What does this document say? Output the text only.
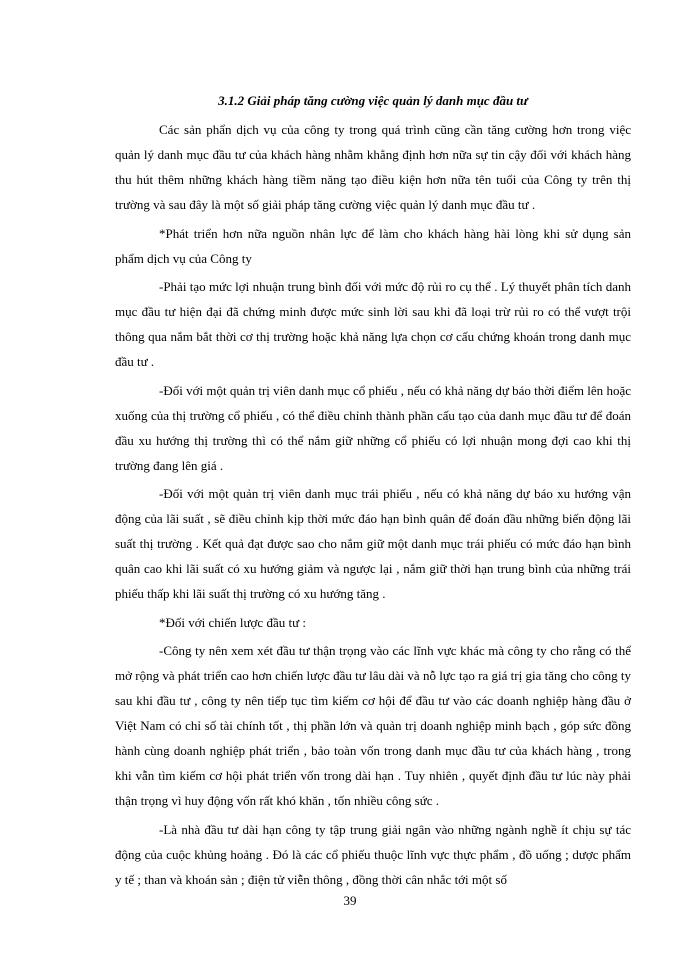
3.1.2 Giải pháp tăng cường việc quản lý danh mục đầu tư

Các sản phẩn dịch vụ của công ty trong quá trình cũng cần tăng cường hơn trong việc quản lý danh mục đầu tư của khách hàng nhằm khẳng định hơn nữa sự tin cậy đối với khách hàng thu hút thêm những khách hàng tiềm năng tạo điều kiện hơn nữa tên tuổi của Công ty trên thị trường và sau đây là một số giải pháp tăng cường việc quản lý danh mục đầu tư .

*Phát triển hơn nữa nguồn nhân lực để làm cho khách hàng hài lòng khi sử dụng sản phẩm dịch vụ của Công ty

-Phải tạo mức lợi nhuận trung bình đối với mức độ rủi ro cụ thể . Lý thuyết phân tích danh mục đầu tư hiện đại đã chứng minh được mức sinh lời sau khi đã loại trừ rủi ro có thể vượt trội thông qua nắm bắt thời cơ thị trường hoặc khả năng lựa chọn cơ cấu chứng khoán trong danh mục đầu tư .

-Đối với một quản trị viên danh mục cổ phiếu , nếu có khả năng dự báo thời điểm lên hoặc xuống của thị trường cổ phiếu , có thể điều chỉnh thành phần cấu tạo của danh mục đầu tư để đoán đầu xu hướng thị trường thì có thể nắm giữ những cổ phiếu có lợi nhuận mong đợi cao khi thị trường đang lên giá .

-Đối với một quản trị viên danh mục trái phiếu , nếu có khả năng dự báo xu hướng vận động của lãi suất , sẽ điều chỉnh kịp thời mức đáo hạn bình quân để đoán đầu những biến động lãi suất thị trường . Kết quả đạt được sao cho nắm giữ một danh mục trái phiếu có mức đáo hạn bình quân cao khi lãi suất có xu hướng giảm và ngược lại , nắm giữ thời hạn trung bình của những trái phiếu thấp khi lãi suất thị trường có xu hướng tăng .

*Đối với chiến lược đầu tư :

-Công ty nên xem xét đầu tư thận trọng vào các lĩnh vực khác mà công ty cho rằng có thể mở rộng và phát triển cao hơn chiến lược đầu tư lâu dài và nỗ lực tạo ra giá trị gia tăng cho công ty sau khi đầu tư , công ty nên tiếp tục tìm kiếm cơ hội để đầu tư vào các doanh nghiệp hàng đầu ở Việt Nam có chỉ số tài chính tốt , thị phần lớn và quản trị doanh nghiệp minh bạch , góp sức đồng hành cùng doanh nghiệp phát triển , bảo toàn vốn trong danh mục đầu tư của khách hàng , trong khi vẫn tìm kiếm cơ hội phát triển vốn trong dài hạn . Tuy nhiên , quyết định đầu tư lúc này phải thận trọng vì huy động vốn rất khó khăn , tốn nhiều công sức .

-Là nhà đầu tư dài hạn công ty tập trung giải ngân vào những ngành nghề ít chịu sự tác động của cuộc khủng hoảng . Đó là các cổ phiếu thuộc lĩnh vực thực phẩm , đồ uống ; dược phẩm y tế ; than và khoán sản ; điện tử viễn thông , đồng thời cân nhắc tới một số

39
